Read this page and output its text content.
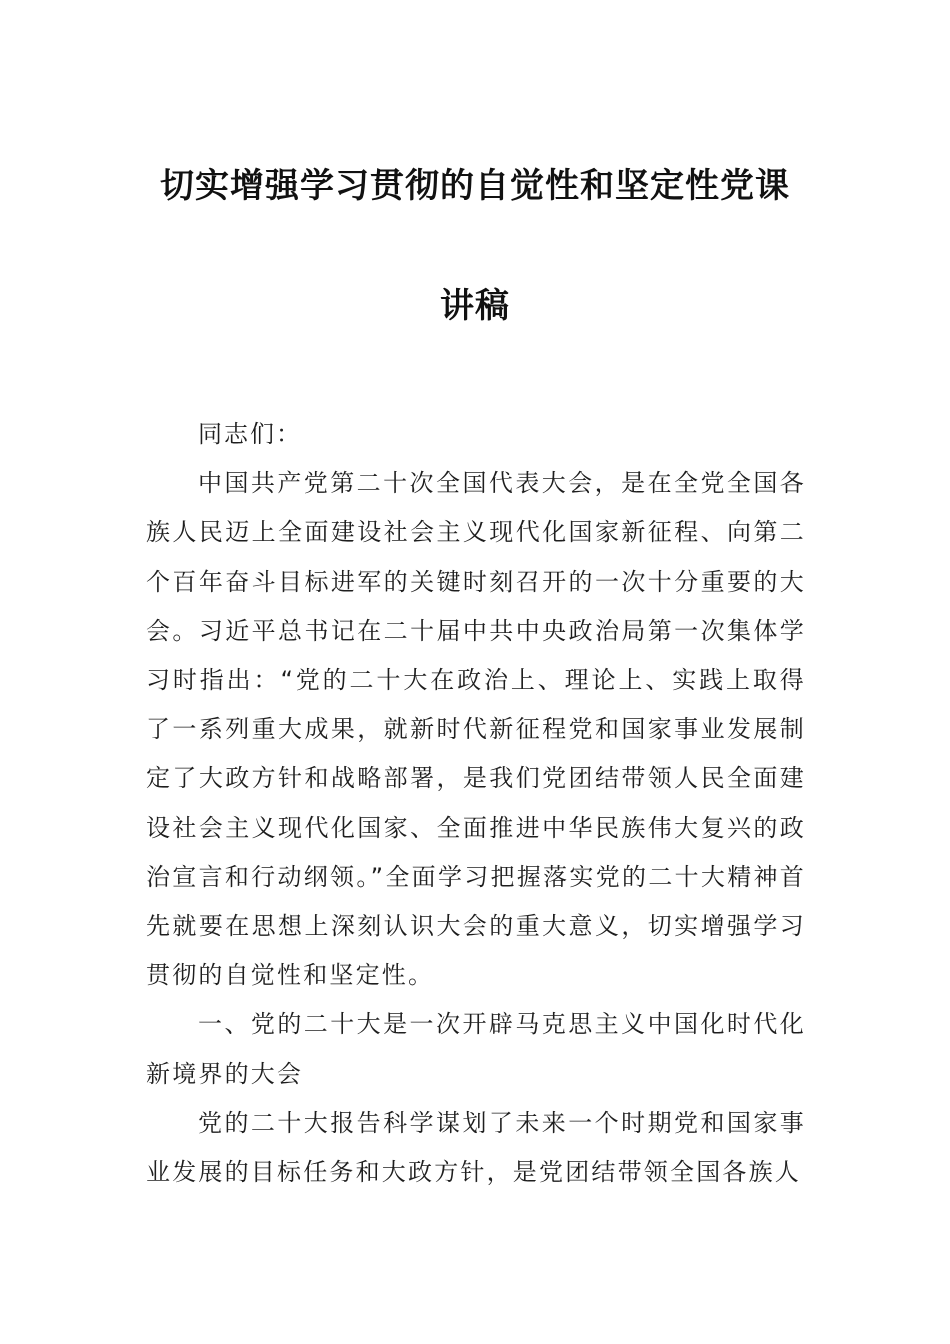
切实增强学习贯彻的自觉性和坚定性党课
讲稿

同志们：

中国共产党第二十次全国代表大会，是在全党全国各族人民迈上全面建设社会主义现代化国家新征程、向第二个百年奋斗目标进军的关键时刻召开的一次十分重要的大会。习近平总书记在二十届中共中央政治局第一次集体学习时指出：“党的二十大在政治上、理论上、实践上取得了一系列重大成果，就新时代新征程党和国家事业发展制定了大政方针和战略部署，是我们党团结带领人民全面建设社会主义现代化国家、全面推进中华民族伟大复兴的政治宣言和行动纲领。”全面学习把握落实党的二十大精神首先就要在思想上深刻认识大会的重大意义，切实增强学习贯彻的自觉性和坚定性。

一、党的二十大是一次开辟马克思主义中国化时代化新境界的大会

党的二十大报告科学谋划了未来一个时期党和国家事业发展的目标任务和大政方针，是党团结带领全国各族人
